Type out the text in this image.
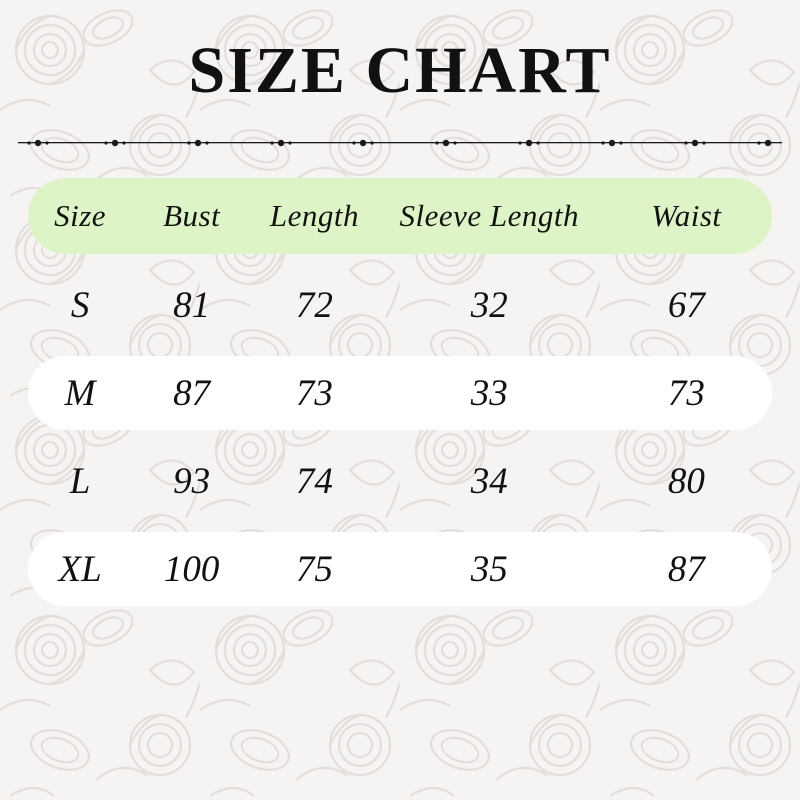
SIZE CHART
Size	Bust	Length	Sleeve Length	Waist
S	81	72	32	67
M	87	73	33	73
L	93	74	34	80
XL	100	75	35	87
